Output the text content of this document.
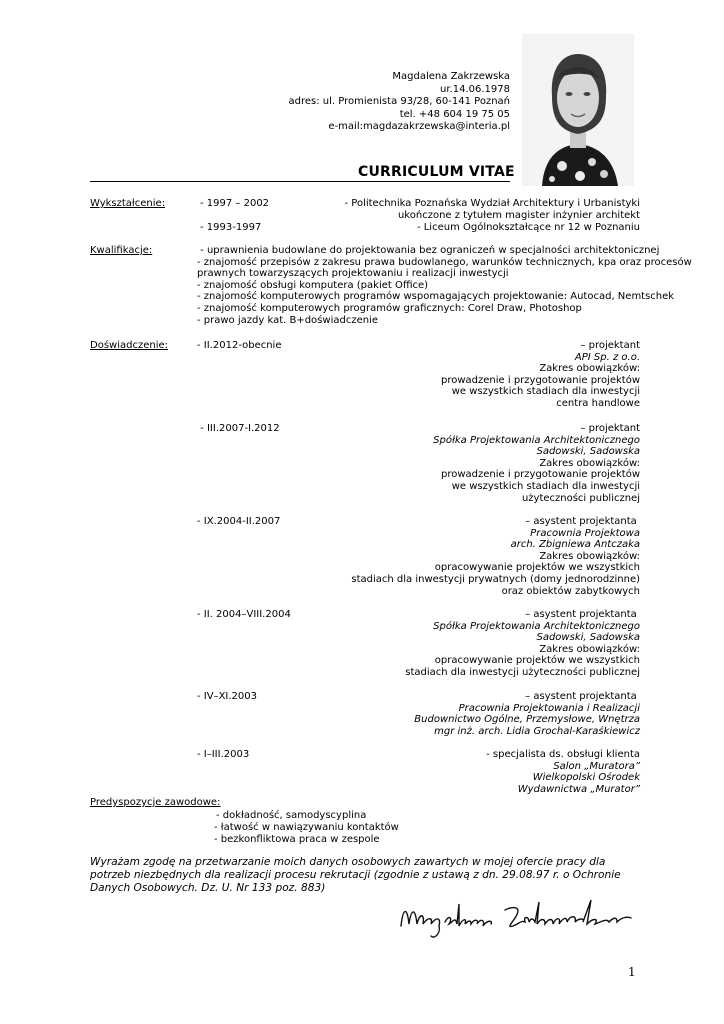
Magdalena Zakrzewska
ur.14.06.1978
adres: ul. Promienista 93/28, 60-141 Poznań
tel. +48 604 19 75 05
e-mail:magdazakrzewska@interia.pl
CURRICULUM VITAE
Wykształcenie:	- 1997 – 2002	- Politechnika Poznańska Wydział Architektury i Urbanistyki
ukończone z tytułem magister inżynier architekt
- 1993-1997	- Liceum Ogólnokształcące nr 12 w Poznaniu
Kwalifikacje:	- uprawnienia budowlane do projektowania bez ograniczeń w specjalności architektonicznej
- znajomość przepisów z zakresu prawa budowlanego, warunków technicznych, kpa oraz procesów
prawnych towarzyszących projektowaniu i realizacji inwestycji
- znajomość obsługi komputera (pakiet Office)
- znajomość komputerowych programów wspomagających projektowanie: Autocad, Nemtschek
- znajomość komputerowych programów graficznych: Corel Draw, Photoshop
- prawo jazdy kat. B+doświadczenie
Doświadczenie:	- II.2012-obecnie	– projektant
API Sp. z o.o.
Zakres obowiązków:
prowadzenie i przygotowanie projektów
we wszystkich stadiach dla inwestycji
centra handlowe
- III.2007-I.2012	– projektant
Spółka Projektowania Architektonicznego
Sadowski, Sadowska
Zakres obowiązków:
prowadzenie i przygotowanie projektów
we wszystkich stadiach dla inwestycji
użyteczności publicznej
- IX.2004-II.2007	– asystent projektanta
Pracownia Projektowa
arch. Zbigniewa Antczaka
Zakres obowiązków:
opracowywanie projektów we wszystkich
stadiach dla inwestycji prywatnych (domy jednorodzinne)
oraz obiektów zabytkowych
- II. 2004–VIII.2004	– asystent projektanta
Spółka Projektowania Architektonicznego
Sadowski, Sadowska
Zakres obowiązków:
opracowywanie projektów we wszystkich
stadiach dla inwestycji użyteczności publicznej
- IV–XI.2003	– asystent projektanta
Pracownia Projektowania i Realizacji
Budownictwo Ogólne, Przemysłowe, Wnętrza
mgr inż. arch. Lidia Grochal-Karaśkiewicz
- I–III.2003	- specjalista ds. obsługi klienta
Salon „Muratora”
Wielkopolski Ośrodek
Wydawnictwa „Murator”
Predyspozycje zawodowe:
- dokładność, samodyscyplina
- łatwość w nawiązywaniu kontaktów
- bezkonfliktowa praca w zespole
Wyrażam zgodę na przetwarzanie moich danych osobowych zawartych w mojej ofercie pracy dla potrzeb niezbędnych dla realizacji procesu rekrutacji (zgodnie z ustawą z dn. 29.08.97 r. o Ochronie Danych Osobowych. Dz. U. Nr 133 poz. 883)
1
